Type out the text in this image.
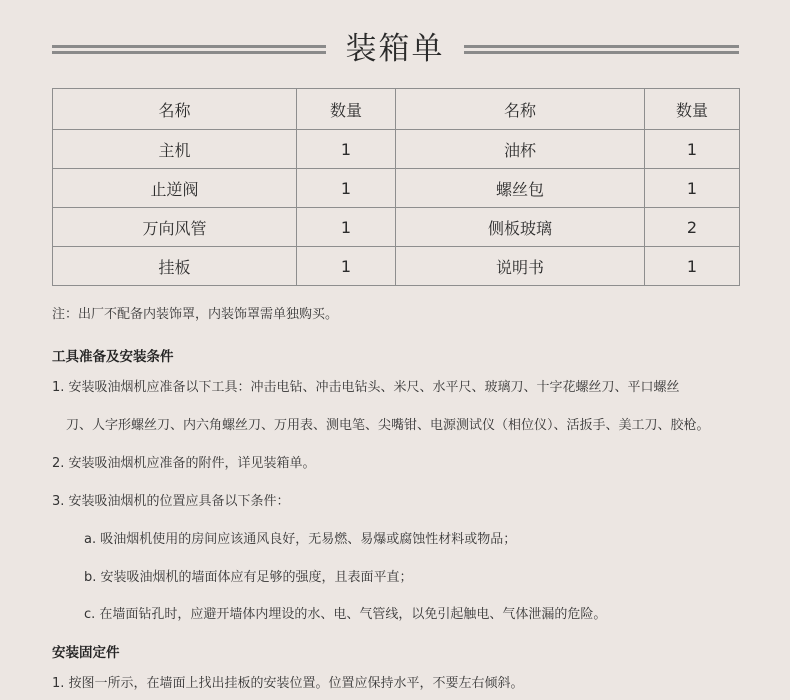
装箱单
名称	数量	名称	数量
主机	1	油杯	1
止逆阀	1	螺丝包	1
万向风管	1	侧板玻璃	2
挂板	1	说明书	1
注：出厂不配备内装饰罩，内装饰罩需单独购买。
工具准备及安装条件
1. 安装吸油烟机应准备以下工具：冲击电钻、冲击电钻头、米尺、水平尺、玻璃刀、十字花螺丝刀、平口螺丝
刀、人字形螺丝刀、内六角螺丝刀、万用表、测电笔、尖嘴钳、电源测试仪（相位仪）、活扳手、美工刀、胶枪。
2. 安装吸油烟机应准备的附件，详见装箱单。
3. 安装吸油烟机的位置应具备以下条件：
a. 吸油烟机使用的房间应该通风良好，无易燃、易爆或腐蚀性材料或物品；
b. 安装吸油烟机的墙面体应有足够的强度，且表面平直；
c. 在墙面钻孔时，应避开墙体内埋设的水、电、气管线，以免引起触电、气体泄漏的危险。
安装固定件
1. 按图一所示，在墙面上找出挂板的安装位置。位置应保持水平，不要左右倾斜。
